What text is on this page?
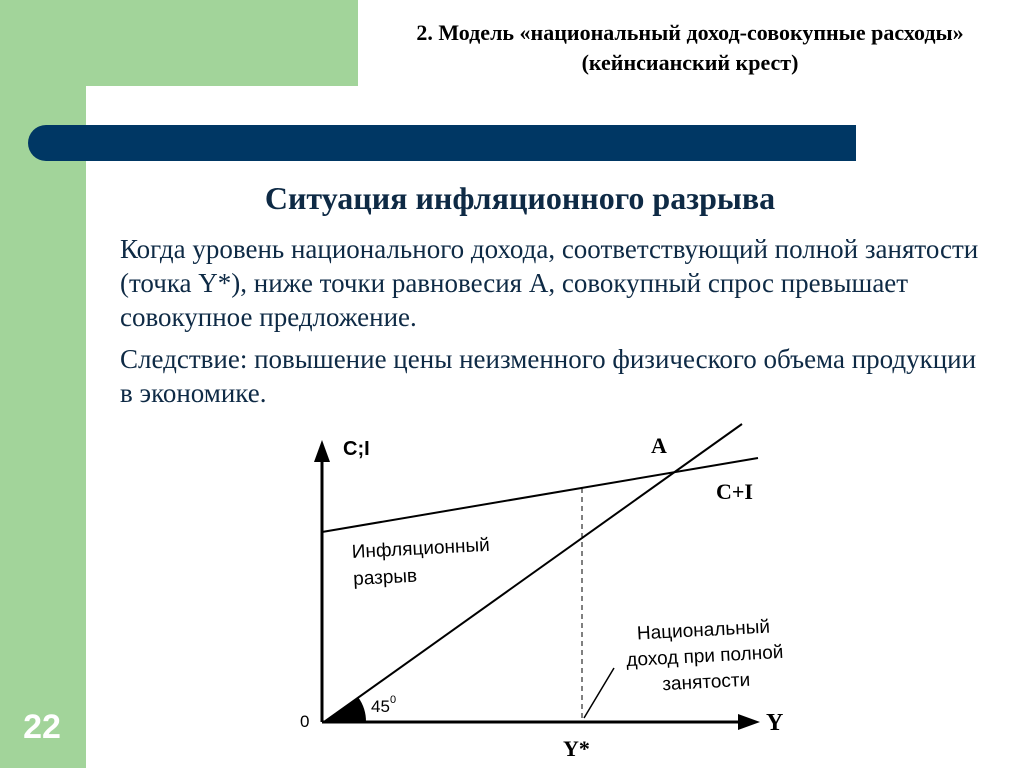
2. Модель «национальный доход-совокупные расходы» (кейнсианский крест)
Ситуация инфляционного разрыва
Когда уровень национального дохода, соответствующий полной занятости (точка Y*), ниже точки равновесия А, совокупный спрос превышает совокупное предложение.
Следствие: повышение цены неизменного физического объема продукции в экономике.
22
C;I
Y
0
45 0
A
C+I
Y*
Инфляционный
разрыв
Национальный
доход при полной
занятости
